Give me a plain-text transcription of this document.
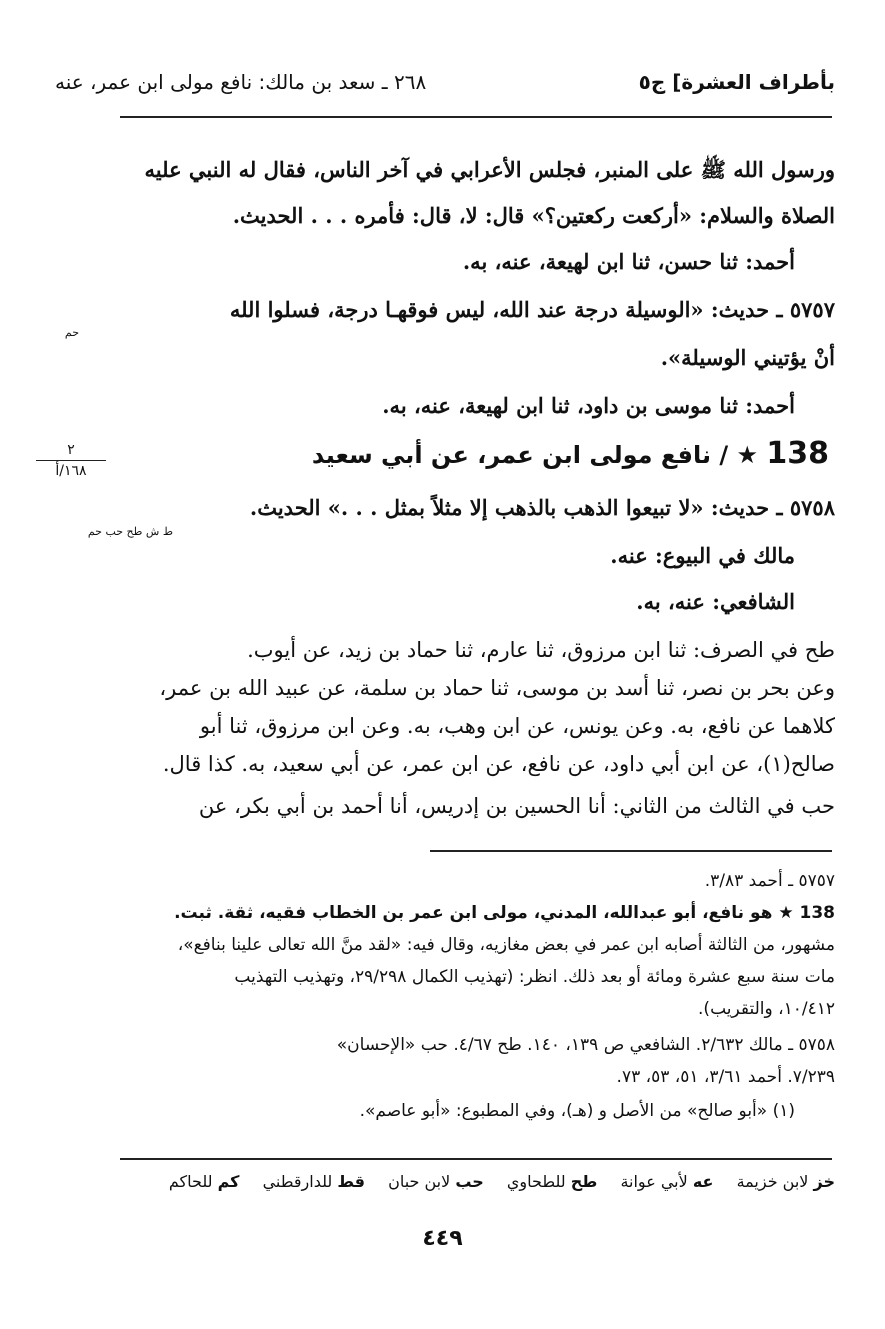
بأطراف العشرة] ج٥
٢٦٨ ـ سعد بن مالك: نافع مولى ابن عمر، عنه
ورسول الله ﷺ على المنبر، فجلس الأعرابي في آخر الناس، فقال له النبي عليه
الصلاة والسلام: «أركعت ركعتين؟» قال: لا، قال: فأمره . . . الحديث.
أحمد: ثنا حسن، ثنا ابن لهيعة، عنه، به.
٥٧٥٧ ـ حديث: «الوسيلة درجة عند الله، ليس فوقهـا درجة، فسلوا الله
حم
أنْ يؤتيني الوسيلة».
أحمد: ثنا موسى بن داود، ثنا ابن لهيعة، عنه، به.
٢
١٦٨/أ	138 ★ / نافع مولى ابن عمر، عن أبي سعيد
٥٧٥٨ ـ حديث: «لا تبيعوا الذهب بالذهب إلا مثلاً بمثل . . .» الحديث.
ط ش طح حب حم
مالك في البيوع: عنه.
الشافعي: عنه، به.
طح في الصرف: ثنا ابن مرزوق، ثنا عارم، ثنا حماد بن زيد، عن أيوب.
وعن بحر بن نصر، ثنا أسد بن موسى، ثنا حماد بن سلمة، عن عبيد الله بن عمر،
كلاهما عن نافع، به. وعن يونس، عن ابن وهب، به. وعن ابن مرزوق، ثنا أبو
صالح(١)، عن ابن أبي داود، عن نافع، عن ابن عمر، عن أبي سعيد، به. كذا قال.
حب في الثالث من الثاني: أنا الحسين بن إدريس، أنا أحمد بن أبي بكر، عن
٥٧٥٧ ـ أحمد ٣/٨٣.
138 ★ هو نافع، أبو عبدالله، المدني، مولى ابن عمر بن الخطاب فقيه، ثقة. ثبت.
مشهور، من الثالثة أصابه ابن عمر في بعض مغازيه، وقال فيه: «لقد منَّ الله تعالى علينا بنافع»،
مات سنة سبع عشرة ومائة أو بعد ذلك. انظر: (تهذيب الكمال ٢٩/٢٩٨، وتهذيب التهذيب
١٠/٤١٢، والتقريب).
٥٧٥٨ ـ مالك ٢/٦٣٢. الشافعي ص ١٣٩، ١٤٠. طح ٤/٦٧. حب «الإحسان»
٧/٢٣٩. أحمد ٣/٦١، ٥١، ٥٣، ٧٣.
(١) «أبو صالح» من الأصل و (هـ)، وفي المطبوع: «أبو عاصم».
خز لابن خزيمة عه لأبي عوانة طح للطحاوي حب لابن حبان قط للدارقطني كم للحاكم
٤٤٩
